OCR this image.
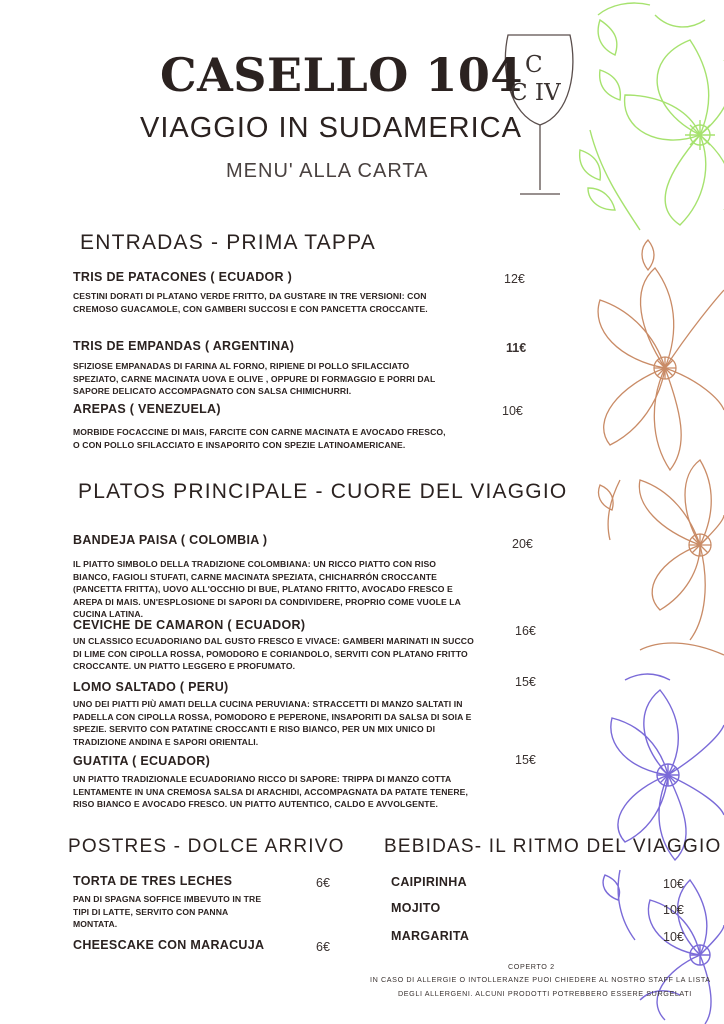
CASELLO 104 C
C IV
VIAGGIO IN SUDAMERICA
MENU' ALLA CARTA
ENTRADAS - PRIMA TAPPA
TRIS DE PATACONES ( ECUADOR )	12€
CESTINI DORATI DI PLATANO VERDE FRITTO, DA GUSTARE IN TRE VERSIONI: CON
CREMOSO GUACAMOLE, CON GAMBERI SUCCOSI E CON PANCETTA CROCCANTE.
TRIS DE EMPANDAS ( ARGENTINA)	11€
SFIZIOSE EMPANADAS DI FARINA AL FORNO, RIPIENE DI POLLO SFILACCIATO
SPEZIATO, CARNE MACINATA UOVA E OLIVE , OPPURE DI FORMAGGIO E PORRI DAL
SAPORE DELICATO ACCOMPAGNATO CON SALSA CHIMICHURRI.
AREPAS ( VENEZUELA)	10€
MORBIDE FOCACCINE DI MAIS, FARCITE CON CARNE MACINATA E AVOCADO FRESCO,
O CON POLLO SFILACCIATO E INSAPORITO CON SPEZIE LATINOAMERICANE.
PLATOS PRINCIPALE - CUORE DEL VIAGGIO
BANDEJA PAISA ( COLOMBIA )	20€
IL PIATTO SIMBOLO DELLA TRADIZIONE COLOMBIANA: UN RICCO PIATTO CON RISO
BIANCO, FAGIOLI STUFATI, CARNE MACINATA SPEZIATA, CHICHARRÓN CROCCANTE
(PANCETTA FRITTA), UOVO ALL'OCCHIO DI BUE, PLATANO FRITTO, AVOCADO FRESCO E
AREPA DI MAIS. UN'ESPLOSIONE DI SAPORI DA CONDIVIDERE, PROPRIO COME VUOLE LA
CUCINA LATINA.
CEVICHE DE CAMARON ( ECUADOR)	16€
UN CLASSICO ECUADORIANO DAL GUSTO FRESCO E VIVACE: GAMBERI MARINATI IN SUCCO
DI LIME CON CIPOLLA ROSSA, POMODORO E CORIANDOLO, SERVITI CON PLATANO FRITTO
CROCCANTE. UN PIATTO LEGGERO E PROFUMATO.
LOMO SALTADO ( PERU)	15€
UNO DEI PIATTI PIÙ AMATI DELLA CUCINA PERUVIANA: STRACCETTI DI MANZO SALTATI IN
PADELLA CON CIPOLLA ROSSA, POMODORO E PEPERONE, INSAPORITI DA SALSA DI SOIA E
SPEZIE. SERVITO CON PATATINE CROCCANTI E RISO BIANCO, PER UN MIX UNICO DI
TRADIZIONE ANDINA E SAPORI ORIENTALI.
GUATITA ( ECUADOR)	15€
UN PIATTO TRADIZIONALE ECUADORIANO RICCO DI SAPORE: TRIPPA DI MANZO COTTA
LENTAMENTE IN UNA CREMOSA SALSA DI ARACHIDI, ACCOMPAGNATA DA PATATE TENERE,
RISO BIANCO E AVOCADO FRESCO. UN PIATTO AUTENTICO, CALDO E AVVOLGENTE.
POSTRES - DOLCE ARRIVO
TORTA DE TRES LECHES	6€
PAN DI SPAGNA SOFFICE IMBEVUTO IN TRE
TIPI DI LATTE, SERVITO CON PANNA
MONTATA.
CHEESCAKE CON MARACUJA	6€
BEBIDAS- IL RITMO DEL VIAGGIO
CAIPIRINHA	10€
MOJITO	10€
MARGARITA	10€
COPERTO 2
IN CASO DI ALLERGIE O INTOLLERANZE PUOI CHIEDERE AL NOSTRO STAFF LA LISTA
DEGLI ALLERGENI. ALCUNI PRODOTTI POTREBBERO ESSERE SURGELATI
